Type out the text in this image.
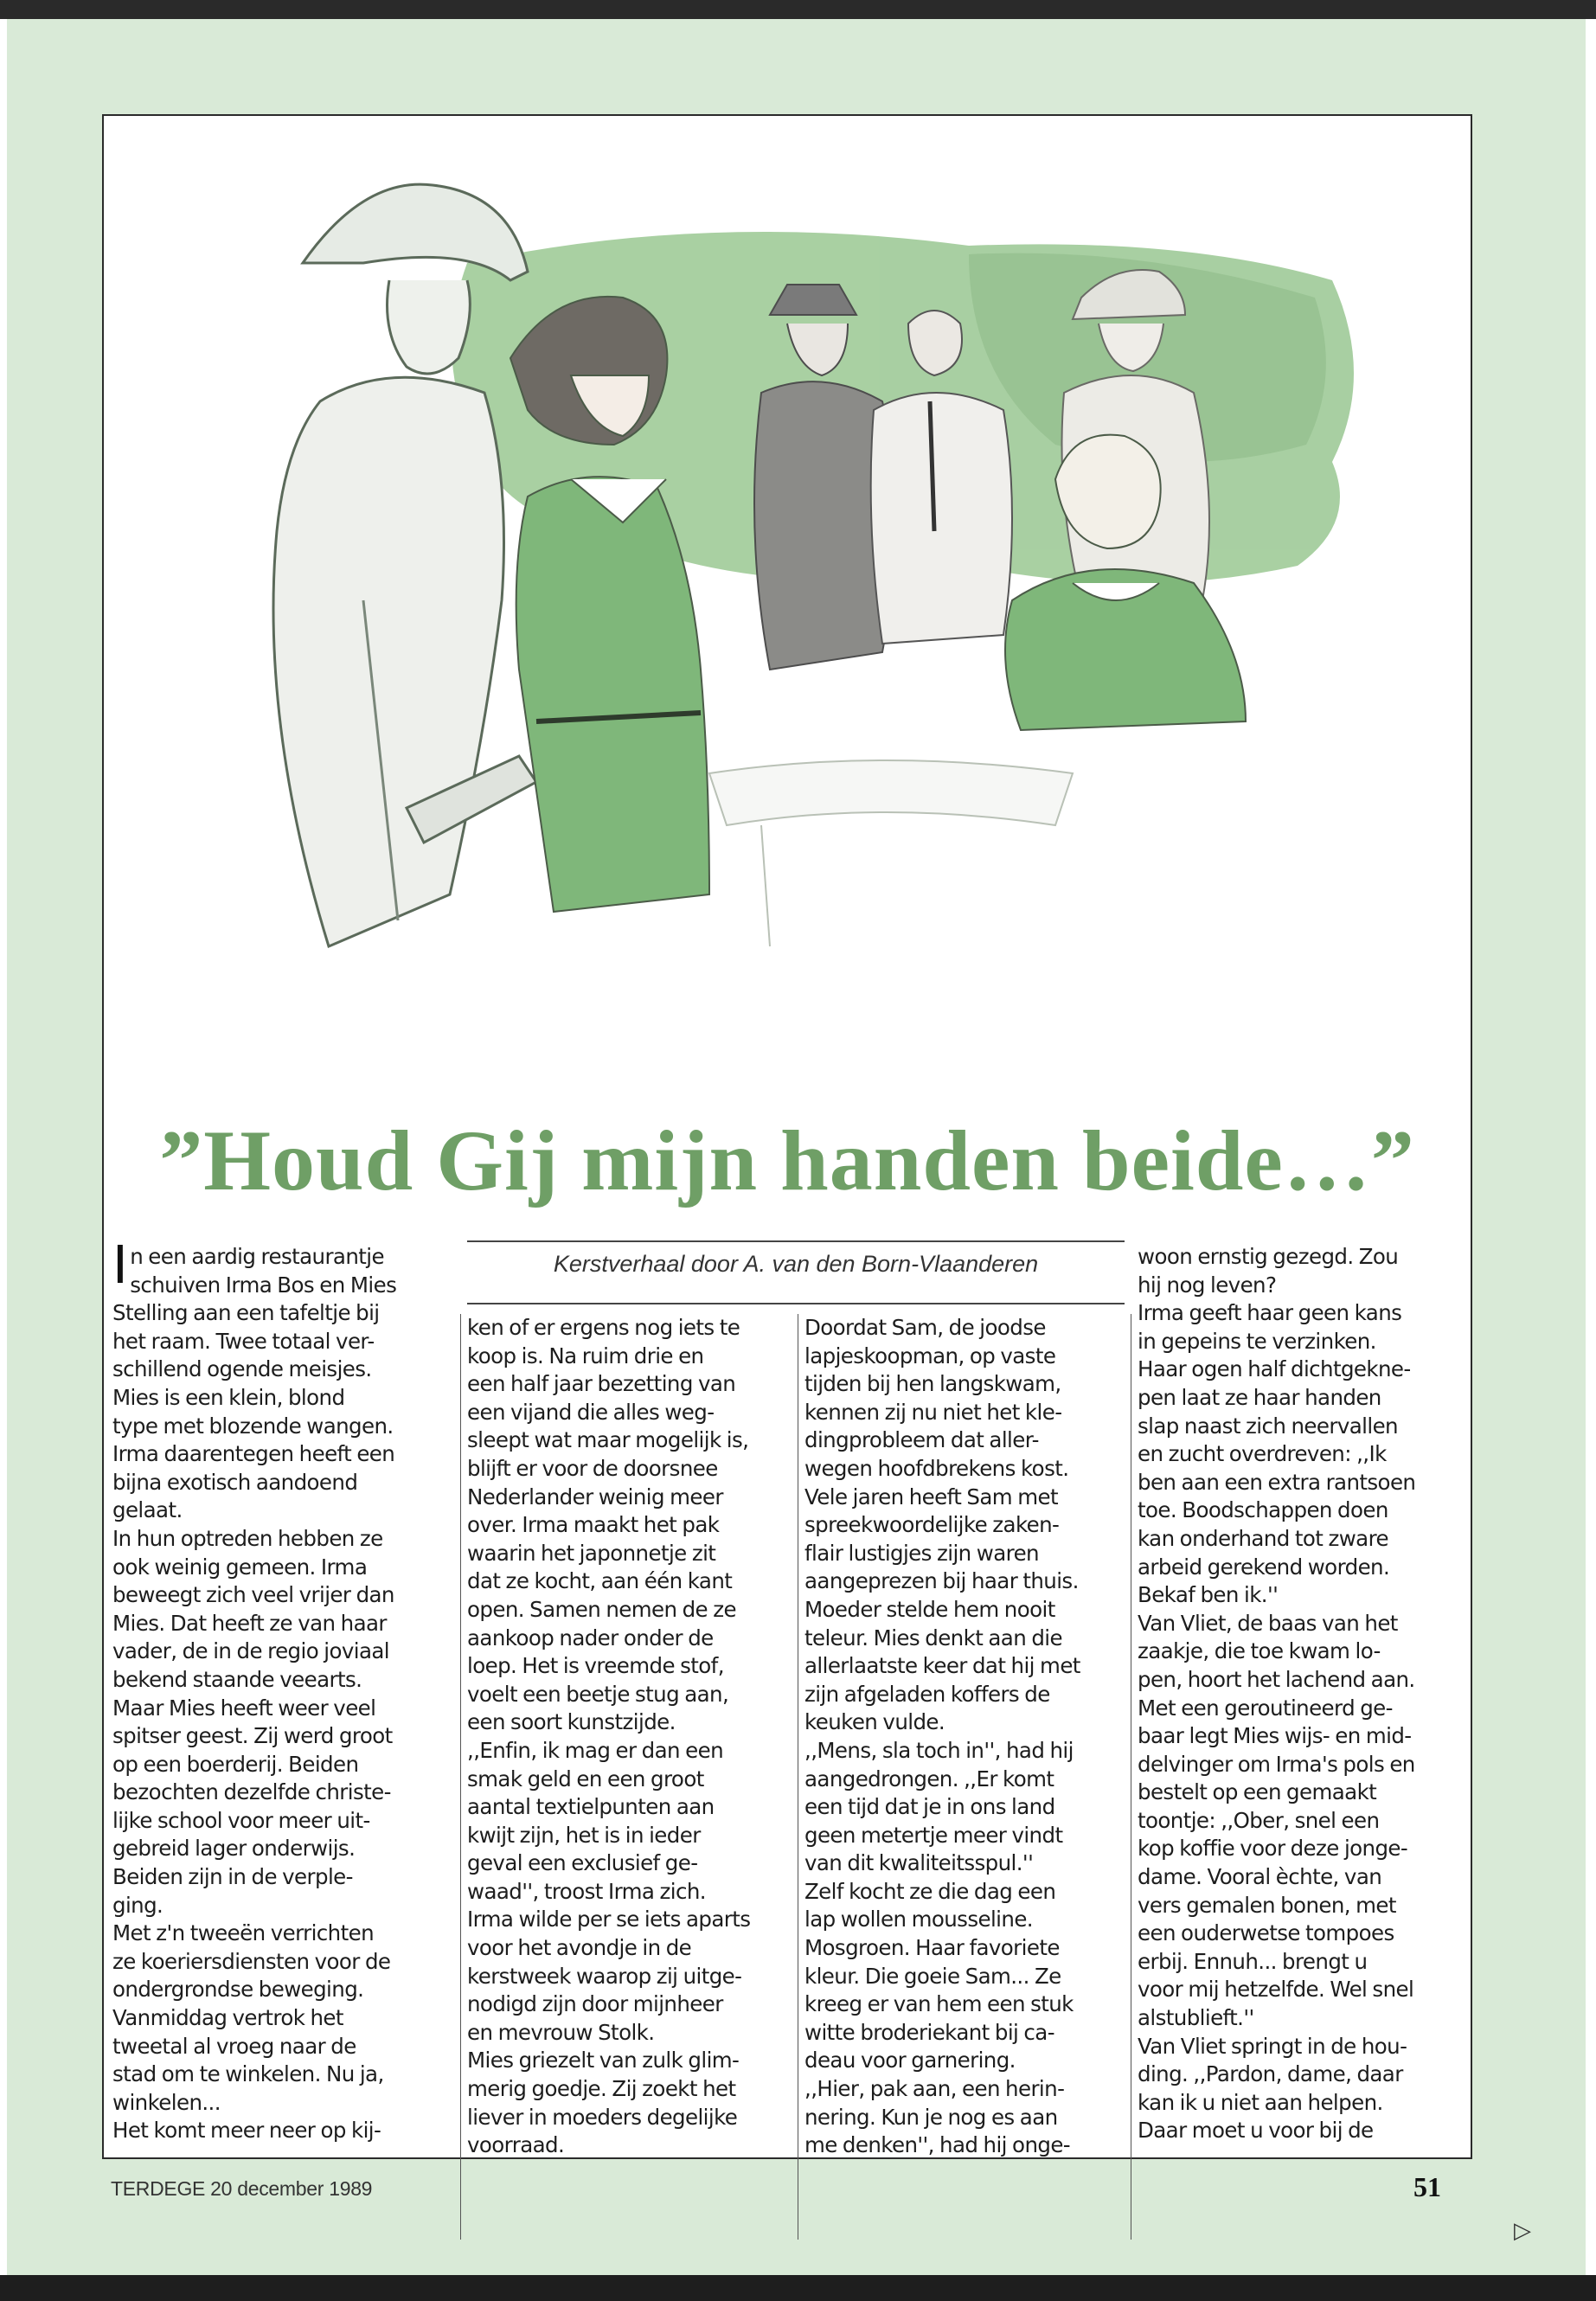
”Houd Gij mijn handen beide…”
Kerstverhaal door A. van den Born-Vlaanderen
I n een aardig restaurantje
schuiven Irma Bos en Mies
Stelling aan een tafeltje bij
het raam. Twee totaal ver-
schillend ogende meisjes.
Mies is een klein, blond
type met blozende wangen.
Irma daarentegen heeft een
bijna exotisch aandoend
gelaat.
In hun optreden hebben ze
ook weinig gemeen. Irma
beweegt zich veel vrijer dan
Mies. Dat heeft ze van haar
vader, de in de regio joviaal
bekend staande veearts.
Maar Mies heeft weer veel
spitser geest. Zij werd groot
op een boerderij. Beiden
bezochten dezelfde christe-
lijke school voor meer uit-
gebreid lager onderwijs.
Beiden zijn in de verple-
ging.
Met z'n tweeën verrichten
ze koeriersdiensten voor de
ondergrondse beweging.
Vanmiddag vertrok het
tweetal al vroeg naar de
stad om te winkelen. Nu ja,
winkelen...
Het komt meer neer op kij-
ken of er ergens nog iets te
koop is. Na ruim drie en
een half jaar bezetting van
een vijand die alles weg-
sleept wat maar mogelijk is,
blijft er voor de doorsnee
Nederlander weinig meer
over. Irma maakt het pak
waarin het japonnetje zit
dat ze kocht, aan één kant
open. Samen nemen de ze
aankoop nader onder de
loep. Het is vreemde stof,
voelt een beetje stug aan,
een soort kunstzijde.
,,Enfin, ik mag er dan een
smak geld en een groot
aantal textielpunten aan
kwijt zijn, het is in ieder
geval een exclusief ge-
waad'', troost Irma zich.
Irma wilde per se iets aparts
voor het avondje in de
kerstweek waarop zij uitge-
nodigd zijn door mijnheer
en mevrouw Stolk.
Mies griezelt van zulk glim-
merig goedje. Zij zoekt het
liever in moeders degelijke
voorraad.
Doordat Sam, de joodse
lapjeskoopman, op vaste
tijden bij hen langskwam,
kennen zij nu niet het kle-
dingprobleem dat aller-
wegen hoofdbrekens kost.
Vele jaren heeft Sam met
spreekwoordelijke zaken-
flair lustigjes zijn waren
aangeprezen bij haar thuis.
Moeder stelde hem nooit
teleur. Mies denkt aan die
allerlaatste keer dat hij met
zijn afgeladen koffers de
keuken vulde.
,,Mens, sla toch in'', had hij
aangedrongen. ,,Er komt
een tijd dat je in ons land
geen metertje meer vindt
van dit kwaliteitsspul.''
Zelf kocht ze die dag een
lap wollen mousseline.
Mosgroen. Haar favoriete
kleur. Die goeie Sam... Ze
kreeg er van hem een stuk
witte broderiekant bij ca-
deau voor garnering.
,,Hier, pak aan, een herin-
nering. Kun je nog es aan
me denken'', had hij onge-
woon ernstig gezegd. Zou
hij nog leven?
Irma geeft haar geen kans
in gepeins te verzinken.
Haar ogen half dichtgekne-
pen laat ze haar handen
slap naast zich neervallen
en zucht overdreven: ,,Ik
ben aan een extra rantsoen
toe. Boodschappen doen
kan onderhand tot zware
arbeid gerekend worden.
Bekaf ben ik.''
Van Vliet, de baas van het
zaakje, die toe kwam lo-
pen, hoort het lachend aan.
Met een geroutineerd ge-
baar legt Mies wijs- en mid-
delvinger om Irma's pols en
bestelt op een gemaakt
toontje: ,,Ober, snel een
kop koffie voor deze jonge-
dame. Vooral èchte, van
vers gemalen bonen, met
een ouderwetse tompoes
erbij. Ennuh... brengt u
voor mij hetzelfde. Wel snel
alstublieft.''
Van Vliet springt in de hou-
ding. ,,Pardon, dame, daar
kan ik u niet aan helpen.
Daar moet u voor bij de
▷
TERDEGE 20 december 1989	51
